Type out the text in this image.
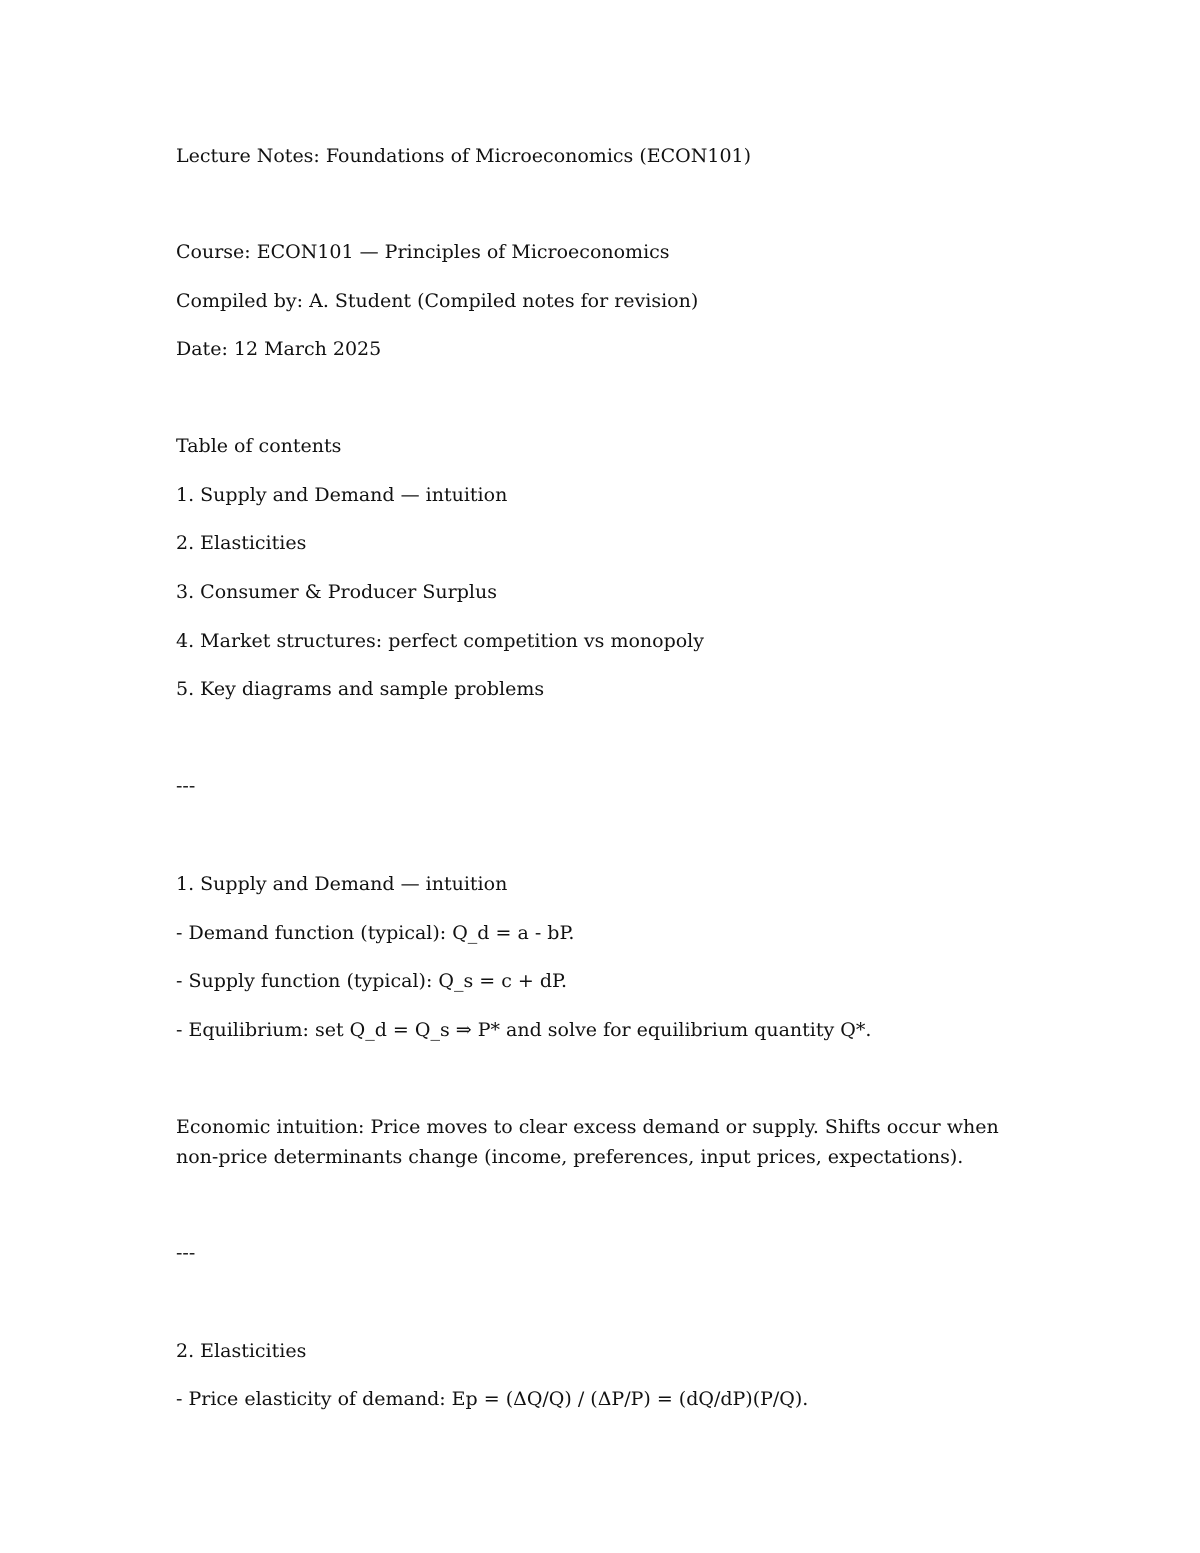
Lecture Notes: Foundations of Microeconomics (ECON101)
Course: ECON101 — Principles of Microeconomics
Compiled by: A. Student (Compiled notes for revision)
Date: 12 March 2025
Table of contents
1. Supply and Demand — intuition
2. Elasticities
3. Consumer & Producer Surplus
4. Market structures: perfect competition vs monopoly
5. Key diagrams and sample problems
---
1. Supply and Demand — intuition
- Demand function (typical): Q_d = a - bP.
- Supply function (typical): Q_s = c + dP.
- Equilibrium: set Q_d = Q_s ⇒ P* and solve for equilibrium quantity Q*.
Economic intuition: Price moves to clear excess demand or supply. Shifts occur when non-price determinants change (income, preferences, input prices, expectations).
---
2. Elasticities
- Price elasticity of demand: Ep = (ΔQ/Q) / (ΔP/P) = (dQ/dP)(P/Q).
